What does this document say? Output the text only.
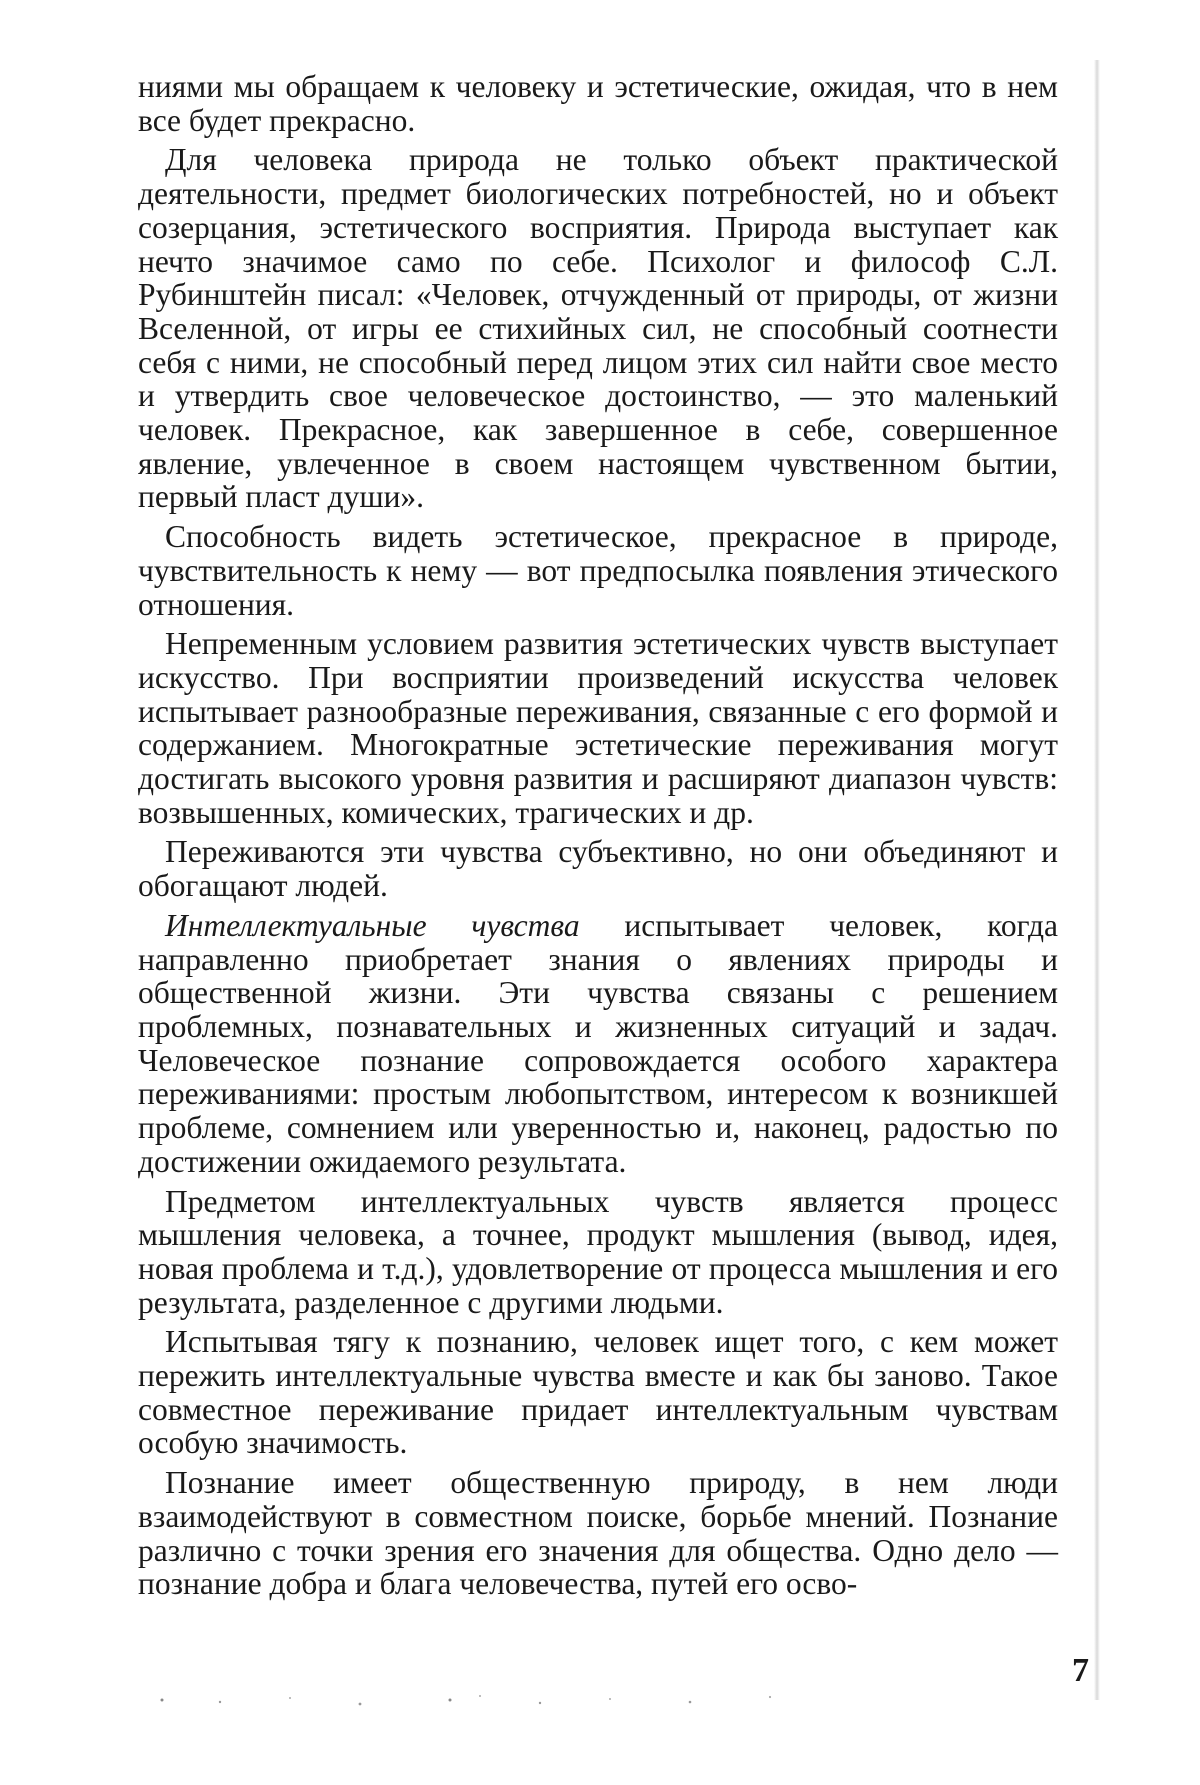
ниями мы обращаем к человеку и эстетические, ожидая, что в нем все будет прекрасно.

Для человека природа не только объект практической деятельности, предмет биологических потребностей, но и объект созерцания, эстетического восприятия. Природа выступает как нечто значимое само по себе. Психолог и философ С.Л. Рубинштейн писал: «Человек, отчужденный от природы, от жизни Вселенной, от игры ее стихийных сил, не способный соотнести себя с ними, не способный перед лицом этих сил найти свое место и утвердить свое человеческое достоинство, — это маленький человек. Прекрасное, как завершенное в себе, совершенное явление, увлеченное в своем настоящем чувственном бытии, первый пласт души».

Способность видеть эстетическое, прекрасное в природе, чувствительность к нему — вот предпосылка появления этического отношения.

Непременным условием развития эстетических чувств выступает искусство. При восприятии произведений искусства человек испытывает разнообразные переживания, связанные с его формой и содержанием. Многократные эстетические переживания могут достигать высокого уровня развития и расширяют диапазон чувств: возвышенных, комических, трагических и др.

Переживаются эти чувства субъективно, но они объединяют и обогащают людей.

Интеллектуальные чувства испытывает человек, когда направленно приобретает знания о явлениях природы и общественной жизни. Эти чувства связаны с решением проблемных, познавательных и жизненных ситуаций и задач. Человеческое познание сопровождается особого характера переживаниями: простым любопытством, интересом к возникшей проблеме, сомнением или уверенностью и, наконец, радостью по достижении ожидаемого результата.

Предметом интеллектуальных чувств является процесс мышления человека, а точнее, продукт мышления (вывод, идея, новая проблема и т.д.), удовлетворение от процесса мышления и его результата, разделенное с другими людьми.

Испытывая тягу к познанию, человек ищет того, с кем может пережить интеллектуальные чувства вместе и как бы заново. Такое совместное переживание придает интеллектуальным чувствам особую значимость.

Познание имеет общественную природу, в нем люди взаимодействуют в совместном поиске, борьбе мнений. Познание различно с точки зрения его значения для общества. Одно дело — познание добра и блага человечества, путей его осво-

7
